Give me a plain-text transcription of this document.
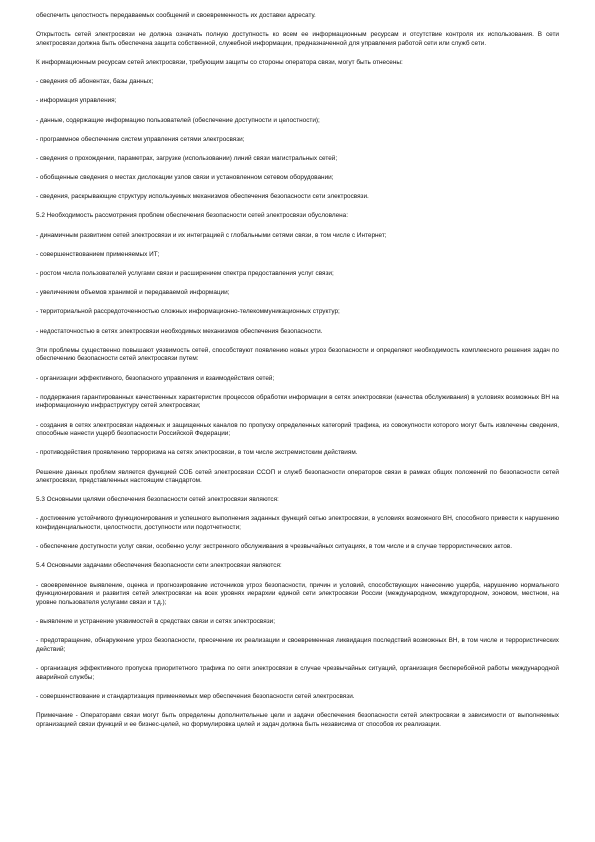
обеспечить целостность передаваемых сообщений и своевременность их доставки адресату.

Открытость сетей электросвязи не должна означать полную доступность ко всем ее информационным ресурсам и отсутствие контроля их использования. В сети электросвязи должна быть обеспечена защита собственной, служебной информации, предназначенной для управления работой сети или служб сети.

К информационным ресурсам сетей электросвязи, требующим защиты со стороны оператора связи, могут быть отнесены:

- сведения об абонентах, базы данных;

- информация управления;

- данные, содержащие информацию пользователей (обеспечение доступности и целостности);

- программное обеспечение систем управления сетями электросвязи;

- сведения о прохождении, параметрах, загрузке (использовании) линий связи магистральных сетей;

- обобщенные сведения о местах дислокации узлов связи и установленном сетевом оборудовании;

- сведения, раскрывающие структуру используемых механизмов обеспечения безопасности сети электросвязи.

5.2 Необходимость рассмотрения проблем обеспечения безопасности сетей электросвязи обусловлена:

- динамичным развитием сетей электросвязи и их интеграцией с глобальными сетями связи, в том числе с Интернет;

- совершенствованием применяемых ИТ;

- ростом числа пользователей услугами связи и расширением спектра предоставления услуг связи;

- увеличением объемов хранимой и передаваемой информации;

- территориальной рассредоточенностью сложных информационно-телекоммуникационных структур;

- недостаточностью в сетях электросвязи необходимых механизмов обеспечения безопасности.

Эти проблемы существенно повышают уязвимость сетей, способствуют появлению новых угроз безопасности и определяют необходимость комплексного решения задач по обеспечению безопасности сетей электросвязи путем:

- организации эффективного, безопасного управления и взаимодействия сетей;

- поддержания гарантированных качественных характеристик процессов обработки информации в сетях электросвязи (качества обслуживания) в условиях возможных ВН на информационную инфраструктуру сетей электросвязи;

- создания в сетях электросвязи надежных и защищенных каналов по пропуску определенных категорий трафика, из совокупности которого могут быть извлечены сведения, способные нанести ущерб безопасности Российской Федерации;

- противодействия проявлению терроризма на сетях электросвязи, в том числе экстремистским действиям.

Решение данных проблем является функцией СОБ сетей электросвязи ССОП и служб безопасности операторов связи в рамках общих положений по безопасности сетей электросвязи, представленных настоящим стандартом.

5.3 Основными целями обеспечения безопасности сетей электросвязи являются:

- достижение устойчивого функционирования и успешного выполнения заданных функций сетью электросвязи, в условиях возможного ВН, способного привести к нарушению конфиденциальности, целостности, доступности или подотчетности;

- обеспечение доступности услуг связи, особенно услуг экстренного обслуживания в чрезвычайных ситуациях, в том числе и в случае террористических актов.

5.4 Основными задачами обеспечения безопасности сети электросвязи являются:

- своевременное выявление, оценка и прогнозирование источников угроз безопасности, причин и условий, способствующих нанесению ущерба, нарушению нормального функционирования и развития сетей электросвязи на всех уровнях иерархии единой сети электросвязи России (международном, междугородном, зоновом, местном, на уровне пользователя услугами связи и т.д.);

- выявление и устранение уязвимостей в средствах связи и сетях электросвязи;

- предотвращение, обнаружение угроз безопасности, пресечение их реализации и своевременная ликвидация последствий возможных ВН, в том числе и террористических действий;

- организация эффективного пропуска приоритетного трафика по сети электросвязи в случае чрезвычайных ситуаций, организация бесперебойной работы международной аварийной службы;

- совершенствование и стандартизация применяемых мер обеспечения безопасности сетей электросвязи.

Примечание - Операторами связи могут быть определены дополнительные цели и задачи обеспечения безопасности сетей электросвязи в зависимости от выполняемых организацией связи функций и ее бизнес-целей, но формулировка целей и задач должна быть независима от способов их реализации.
